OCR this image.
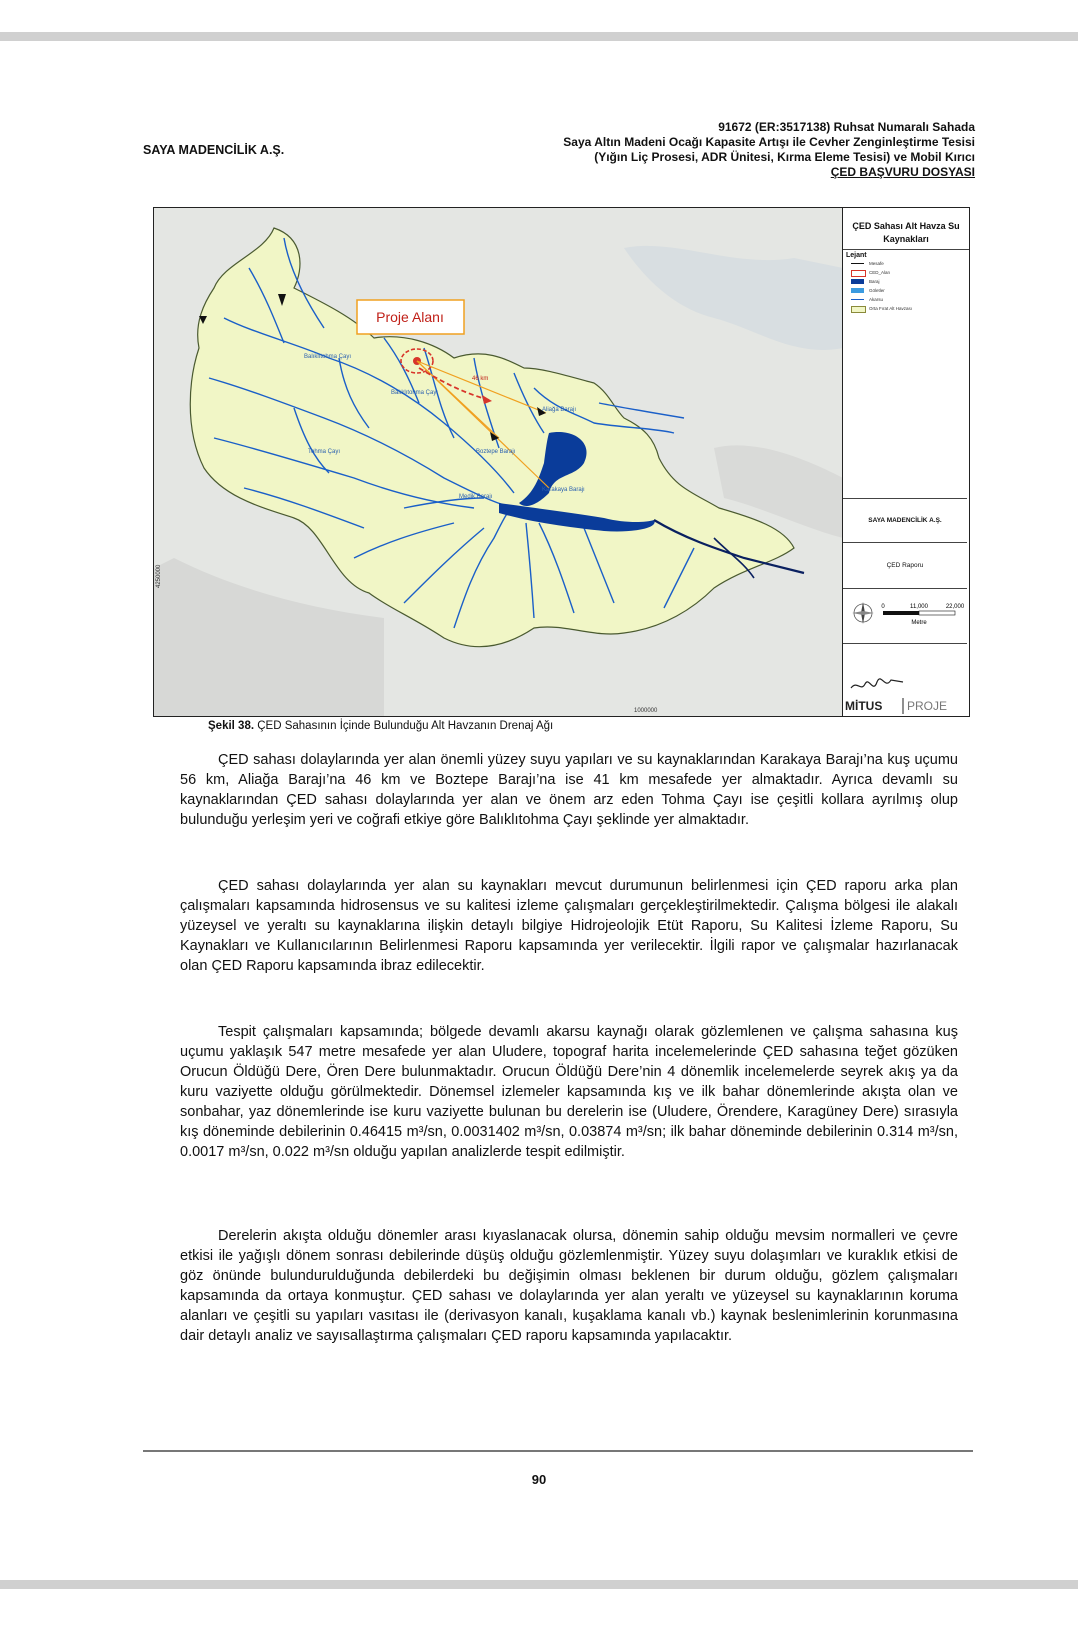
SAYA MADENCİLİK A.Ş.
91672 (ER:3517138) Ruhsat Numaralı Sahada
Saya Altın Madeni Ocağı Kapasite Artışı ile Cevher Zenginleştirme Tesisi
(Yığın Liç Prosesi, ADR Ünitesi, Kırma Eleme Tesisi) ve Mobil Kırıcı
ÇED BAŞVURU DOSYASI
Proje Alanı
Balıklıtohma Çayı
Balıklıtohma Çayı
Tohma Çayı
Aliağa Barajı
Boztepe Barajı
Medik Barajı
Karakaya Barajı
46 km
4250000
1000000
ÇED Sahası Alt Havza Su Kaynakları
Lejant
Mesafe
CED_Alan
Baraj
Göletler
Akarsu
Orta Fırat Alt Havzası
SAYA MADENCİLİK A.Ş.
ÇED Raporu
0	11,000	22,000
Metre
MİTUS PROJE
Şekil 38. ÇED Sahasının İçinde Bulunduğu Alt Havzanın Drenaj Ağı

ÇED sahası dolaylarında yer alan önemli yüzey suyu yapıları ve su kaynaklarından Karakaya Barajı’na kuş uçumu 56 km, Aliağa Barajı’na 46 km ve Boztepe Barajı’na ise 41 km mesafede yer almaktadır. Ayrıca devamlı su kaynaklarından ÇED sahası dolaylarında yer alan ve önem arz eden Tohma Çayı ise çeşitli kollara ayrılmış olup bulunduğu yerleşim yeri ve coğrafi etkiye göre Balıklıtohma Çayı şeklinde yer almaktadır.

ÇED sahası dolaylarında yer alan su kaynakları mevcut durumunun belirlenmesi için ÇED raporu arka plan çalışmaları kapsamında hidrosensus ve su kalitesi izleme çalışmaları gerçekleştirilmektedir. Çalışma bölgesi ile alakalı yüzeysel ve yeraltı su kaynaklarına ilişkin detaylı bilgiye Hidrojeolojik Etüt Raporu, Su Kalitesi İzleme Raporu, Su Kaynakları ve Kullanıcılarının Belirlenmesi Raporu kapsamında yer verilecektir. İlgili rapor ve çalışmalar hazırlanacak olan ÇED Raporu kapsamında ibraz edilecektir.

Tespit çalışmaları kapsamında; bölgede devamlı akarsu kaynağı olarak gözlemlenen ve çalışma sahasına kuş uçumu yaklaşık 547 metre mesafede yer alan Uludere, topograf harita incelemelerinde ÇED sahasına teğet gözüken Orucun Öldüğü Dere, Ören Dere bulunmaktadır. Orucun Öldüğü Dere’nin 4 dönemlik incelemelerde seyrek akış ya da kuru vaziyette olduğu görülmektedir. Dönemsel izlemeler kapsamında kış ve ilk bahar dönemlerinde akışta olan ve sonbahar, yaz dönemlerinde ise kuru vaziyette bulunan bu derelerin ise (Uludere, Örendere, Karagüney Dere) sırasıyla kış döneminde debilerinin 0.46415 m³/sn, 0.0031402 m³/sn, 0.03874 m³/sn; ilk bahar döneminde debilerinin 0.314 m³/sn, 0.0017 m³/sn, 0.022 m³/sn olduğu yapılan analizlerde tespit edilmiştir.

Derelerin akışta olduğu dönemler arası kıyaslanacak olursa, dönemin sahip olduğu mevsim normalleri ve çevre etkisi ile yağışlı dönem sonrası debilerinde düşüş olduğu gözlemlenmiştir. Yüzey suyu dolaşımları ve kuraklık etkisi de göz önünde bulundurulduğunda debilerdeki bu değişimin olması beklenen bir durum olduğu, gözlem çalışmaları kapsamında da ortaya konmuştur. ÇED sahası ve dolaylarında yer alan yeraltı ve yüzeysel su kaynaklarının koruma alanları ve çeşitli su yapıları vasıtası ile (derivasyon kanalı, kuşaklama kanalı vb.) kaynak beslenimlerinin korunmasına dair detaylı analiz ve sayısallaştırma çalışmaları ÇED raporu kapsamında yapılacaktır.

90
